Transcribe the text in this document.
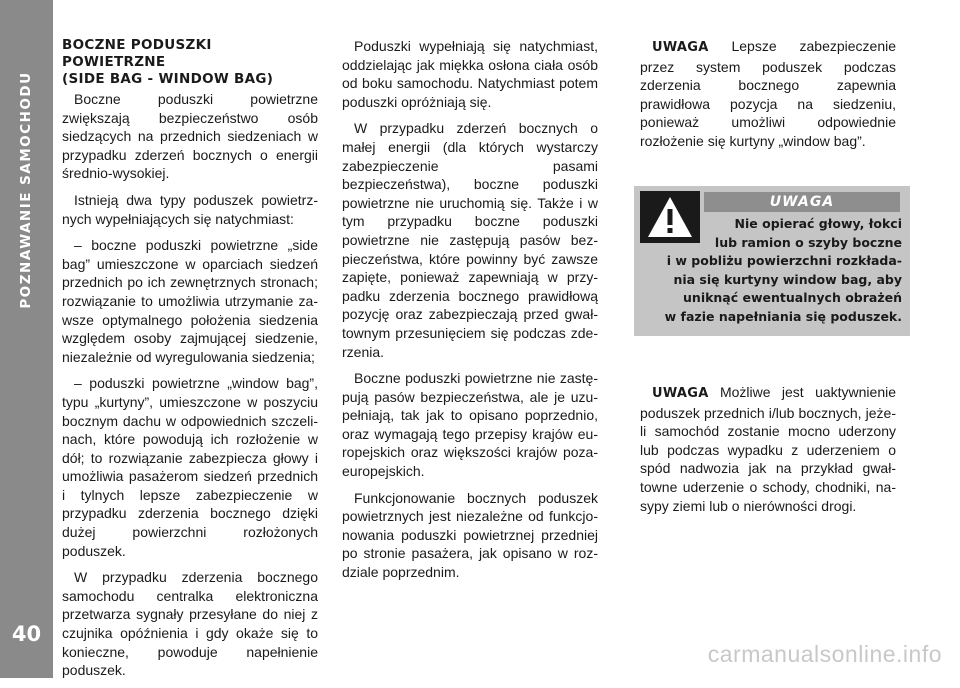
POZNAWANIE SAMOCHODU
40
BOCZNE PODUSZKI
POWIETRZNE
(SIDE BAG - WINDOW BAG)

Boczne poduszki powietrzne zwiększają bezpieczeństwo osób siedzących na przednich siedzeniach w przypadku zderzeń bocznych o energii średnio-wysokiej.

Istnieją dwa typy poduszek powietrznych wypełniających się natychmiast:

– boczne poduszki powietrzne „side bag” umieszczone w oparciach siedzeń przednich po ich zewnętrznych stronach; rozwiązanie to umożliwia utrzymanie zawsze optymalnego położenia siedzenia względem osoby zajmującej siedzenie, niezależnie od wyregulowania siedzenia;

– poduszki powietrzne „window bag”, typu „kurtyny”, umieszczone w poszyciu bocznym dachu w odpowiednich szczelinach, które powodują ich rozłożenie w dół; to rozwiązanie zabezpiecza głowy i umożliwia pasażerom siedzeń przednich i tylnych lepsze zabezpieczenie w przypadku zderzenia bocznego dzięki dużej powierzchni rozłożonych poduszek.

W przypadku zderzenia bocznego samochodu centralka elektroniczna przetwarza sygnały przesyłane do niej z czujnika opóźnienia i gdy okaże się to konieczne, powoduje napełnienie poduszek.

Poduszki wypełniają się natychmiast, oddzielając jak miękka osłona ciała osób od boku samochodu. Natychmiast potem poduszki opróżniają się.

W przypadku zderzeń bocznych o małej energii (dla których wystarczy zabezpieczenie pasami bezpieczeństwa), boczne poduszki powietrzne nie uruchomią się. Także i w tym przypadku boczne poduszki powietrzne nie zastępują pasów bezpieczeństwa, które powinny być zawsze zapięte, ponieważ zapewniają w przypadku zderzenia bocznego prawidłową pozycję oraz zabezpieczają przed gwałtownym przesunięciem się podczas zderzenia.

Boczne poduszki powietrzne nie zastępują pasów bezpieczeństwa, ale je uzupełniają, tak jak to opisano poprzednio, oraz wymagają tego przepisy krajów europejskich oraz większości krajów pozaeuropejskich.

Funkcjonowanie bocznych poduszek powietrznych jest niezależne od funkcjonowania poduszki powietrznej przedniej po stronie pasażera, jak opisano w rozdziale poprzednim.

UWAGA Lepsze zabezpieczenie przez system poduszek podczas zderzenia bocznego zapewnia prawidłowa pozycja na siedzeniu, ponieważ umożliwi odpowiednie rozłożenie się kurtyny „window bag”.

UWAGA
Nie opierać głowy, łokci
lub ramion o szyby boczne
i w pobliżu powierzchni rozkłada-
nia się kurtyny window bag, aby
uniknąć ewentualnych obrażeń
w fazie napełniania się poduszek.

UWAGA Możliwe jest uaktywnienie poduszek przednich i/lub bocznych, jeżeli samochód zostanie mocno uderzony lub podczas wypadku z uderzeniem o spód nadwozia jak na przykład gwałtowne uderzenie o schody, chodniki, nasypy ziemi lub o nierówności drogi.

carmanualsonline.info
